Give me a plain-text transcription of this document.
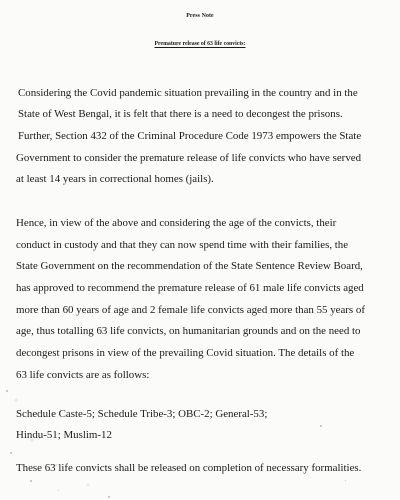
Press Note
Premature release of 63 life convicts:
Considering the Covid pandemic situation prevailing in the country and in the
State of West Bengal, it is felt that there is a need to decongest the prisons.
Further, Section 432 of the Criminal Procedure Code 1973 empowers the State
Government to consider the premature release of life convicts who have served
at least 14 years in correctional homes (jails).
Hence, in view of the above and considering the age of the convicts, their
conduct in custody and that they can now spend time with their families, the
State Government on the recommendation of the State Sentence Review Board,
has approved to recommend the premature release of 61 male life convicts aged
more than 60 years of age and 2 female life convicts aged more than 55 years of
age, thus totalling 63 life convicts, on humanitarian grounds and on the need to
decongest prisons in view of the prevailing Covid situation. The details of the
63 life convicts are as follows:
Schedule Caste-5; Schedule Tribe-3; OBC-2; General-53;
Hindu-51; Muslim-12
These 63 life convicts shall be released on completion of necessary formalities.
